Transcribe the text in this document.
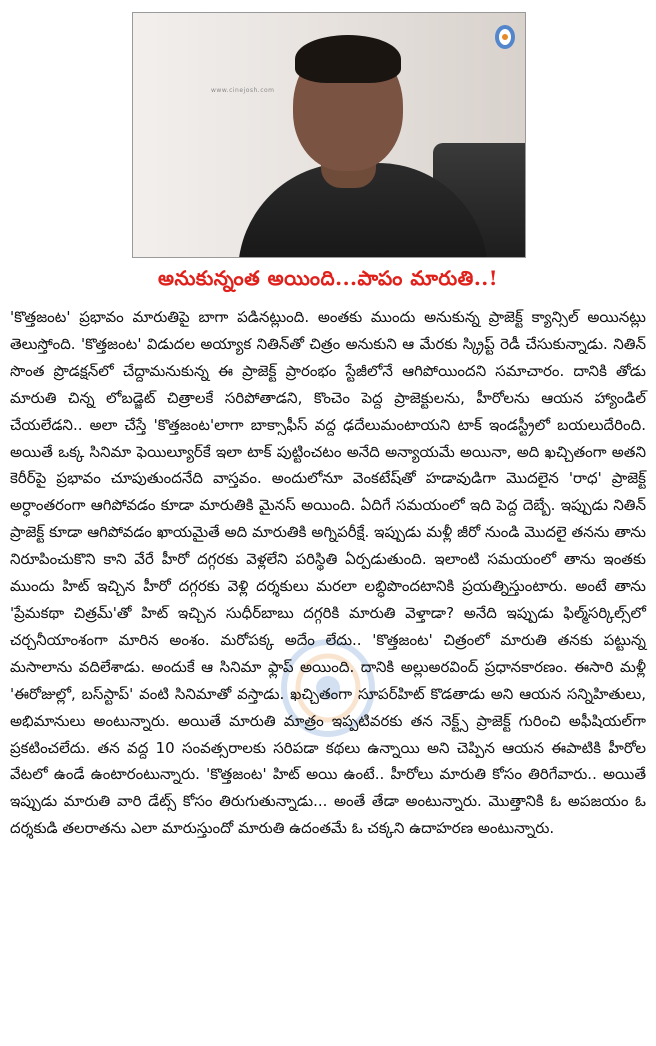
www.cinejosh.com
అనుకున్నంత అయింది...పాపం మారుతి..!
'కొత్తజంట' ప్రభావం మారుతిపై బాగా పడినట్లుంది. అంతకు ముందు అనుకున్న ప్రాజెక్ట్ క్యాన్సిల్ అయినట్లు తెలుస్తోంది. 'కొత్తజంట' విడుదల అయ్యాక నితిన్‌తో చిత్రం అనుకుని ఆ మేరకు స్క్రిప్ట్ రెడీ చేసుకున్నాడు. నితిన్ సొంత ప్రొడక్షన్‌లో చేద్దామనుకున్న ఈ ప్రాజెక్ట్ ప్రారంభం స్టేజీలోనే ఆగిపోయిందని సమాచారం. దానికి తోడు మారుతి చిన్న లోబడ్జెట్ చిత్రాలకే సరిపోతాడని, కొంచెం పెద్ద ప్రాజెక్టులను, హీరోలను ఆయన హ్యాండిల్ చేయలేడని.. అలా చేస్తే 'కొత్తజంట'లాగా బాక్సాఫీస్ వద్ద ఢదేలుమంటాయని టాక్ ఇండస్ట్రీలో బయలుదేరింది. అయితే ఒక్క సినిమా ఫెయిల్యూర్‌కే ఇలా టాక్ పుట్టించటం అనేది అన్యాయమే అయినా, అది ఖచ్చితంగా అతని కెరీర్‌పై ప్రభావం చూపుతుందనేది వాస్తవం. అందులోనూ వెంకటేష్‌తో హడావుడిగా మొదలైన 'రాధ' ప్రాజెక్ట్ అర్ధాంతరంగా ఆగిపోవడం కూడా మారుతికి మైనస్ అయింది. ఏదిగే సమయంలో ఇది పెద్ద దెబ్బే. ఇప్పుడు నితిన్ ప్రాజెక్ట్ కూడా ఆగిపోవడం ఖాయమైతే అది మారుతికి అగ్నిపరీక్షే. ఇప్పుడు మళ్లీ జీరో నుండి మొదలై తనను తాను నిరూపించుకొని కాని వేరే హీరో దగ్గరకు వెళ్లలేని పరిస్థితి ఏర్పడుతుంది. ఇలాంటి సమయంలో తాను ఇంతకు ముందు హిట్ ఇచ్చిన హీరో దగ్గరకు వెళ్లి దర్శకులు మరలా లబ్ధిపొందటానికి ప్రయత్నిస్తుంటారు. అంటే తాను 'ప్రేమకథా చిత్రమ్'తో హిట్ ఇచ్చిన సుధీర్‌బాబు దగ్గరికి మారుతి వెళ్తాడా? అనేది ఇప్పుడు ఫిల్మ్‌సర్కిల్స్‌లో చర్చనీయాంశంగా మారిన అంశం. మరోపక్క అదేం లేదు.. 'కొత్తజంట' చిత్రంలో మారుతి తనకు పట్టున్న మసాలాను వదిలేశాడు. అందుకే ఆ సినిమా ఫ్లాప్ అయింది. దానికి అల్లుఅరవింద్ ప్రధానకారణం. ఈసారి మళ్లీ 'ఈరోజుల్లో, బస్‌స్టాప్' వంటి సినిమాతో వస్తాడు. ఖచ్చితంగా సూపర్‌హిట్ కొడతాడు అని ఆయన సన్నిహితులు, అభిమానులు అంటున్నారు. అయితే మారుతి మాత్రం ఇప్పటివరకు తన నెక్ట్స్ ప్రాజెక్ట్ గురించి అఫీషియల్‌గా ప్రకటించలేదు. తన వద్ద 10 సంవత్సరాలకు సరిపడా కథలు ఉన్నాయి అని చెప్పిన ఆయన ఈపాటికి హీరోల వేటలో ఉండే ఉంటారంటున్నారు. 'కొత్తజంట' హిట్ అయి ఉంటే.. హీరోలు మారుతి కోసం తిరిగేవారు.. అయితే ఇప్పుడు మారుతి వారి డేట్స్ కోసం తిరుగుతున్నాడు... అంతే తేడా అంటున్నారు. మొత్తానికి ఓ అపజయం ఓ దర్శకుడి తలరాతను ఎలా మారుస్తుందో మారుతి ఉదంతమే ఓ చక్కని ఉదాహరణ అంటున్నారు.
